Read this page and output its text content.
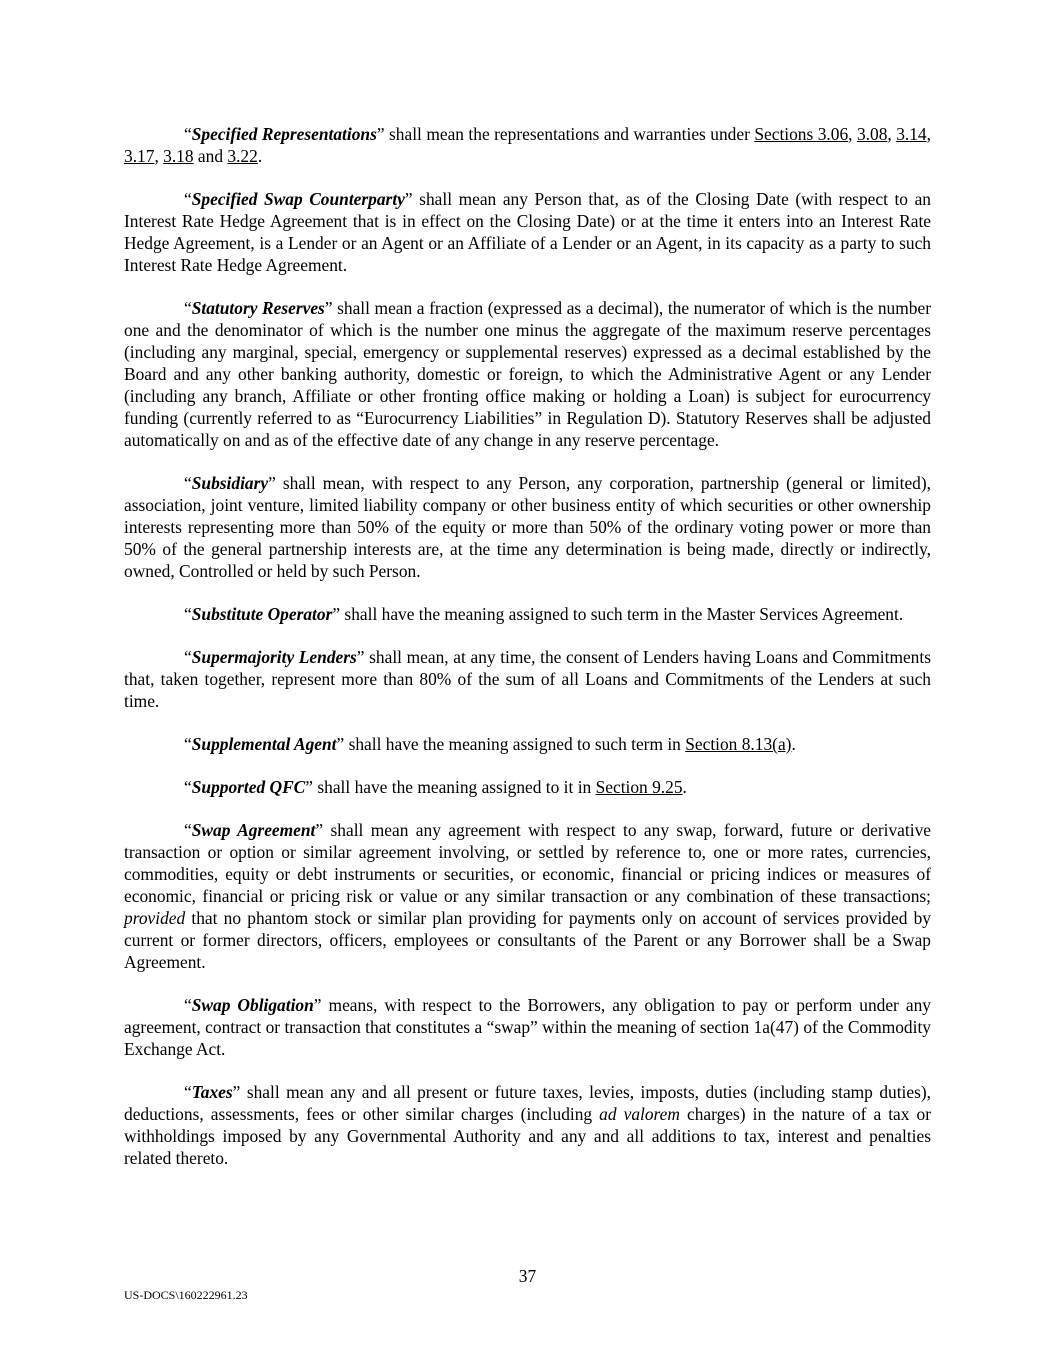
“Specified Representations” shall mean the representations and warranties under Sections 3.06, 3.08, 3.14, 3.17, 3.18 and 3.22.

“Specified Swap Counterparty” shall mean any Person that, as of the Closing Date (with respect to an Interest Rate Hedge Agreement that is in effect on the Closing Date) or at the time it enters into an Interest Rate Hedge Agreement, is a Lender or an Agent or an Affiliate of a Lender or an Agent, in its capacity as a party to such Interest Rate Hedge Agreement.

“Statutory Reserves” shall mean a fraction (expressed as a decimal), the numerator of which is the number one and the denominator of which is the number one minus the aggregate of the maximum reserve percentages (including any marginal, special, emergency or supplemental reserves) expressed as a decimal established by the Board and any other banking authority, domestic or foreign, to which the Administrative Agent or any Lender (including any branch, Affiliate or other fronting office making or holding a Loan) is subject for eurocurrency funding (currently referred to as “Eurocurrency Liabilities” in Regulation D). Statutory Reserves shall be adjusted automatically on and as of the effective date of any change in any reserve percentage.

“Subsidiary” shall mean, with respect to any Person, any corporation, partnership (general or limited), association, joint venture, limited liability company or other business entity of which securities or other ownership interests representing more than 50% of the equity or more than 50% of the ordinary voting power or more than 50% of the general partnership interests are, at the time any determination is being made, directly or indirectly, owned, Controlled or held by such Person.

“Substitute Operator” shall have the meaning assigned to such term in the Master Services Agreement.

“Supermajority Lenders” shall mean, at any time, the consent of Lenders having Loans and Commitments that, taken together, represent more than 80% of the sum of all Loans and Commitments of the Lenders at such time.

“Supplemental Agent” shall have the meaning assigned to such term in Section 8.13(a).

“Supported QFC” shall have the meaning assigned to it in Section 9.25.

“Swap Agreement” shall mean any agreement with respect to any swap, forward, future or derivative transaction or option or similar agreement involving, or settled by reference to, one or more rates, currencies, commodities, equity or debt instruments or securities, or economic, financial or pricing indices or measures of economic, financial or pricing risk or value or any similar transaction or any combination of these transactions; provided that no phantom stock or similar plan providing for payments only on account of services provided by current or former directors, officers, employees or consultants of the Parent or any Borrower shall be a Swap Agreement.

“Swap Obligation” means, with respect to the Borrowers, any obligation to pay or perform under any agreement, contract or transaction that constitutes a “swap” within the meaning of section 1a(47) of the Commodity Exchange Act.

“Taxes” shall mean any and all present or future taxes, levies, imposts, duties (including stamp duties), deductions, assessments, fees or other similar charges (including ad valorem charges) in the nature of a tax or withholdings imposed by any Governmental Authority and any and all additions to tax, interest and penalties related thereto.

37
US-DOCS\160222961.23
